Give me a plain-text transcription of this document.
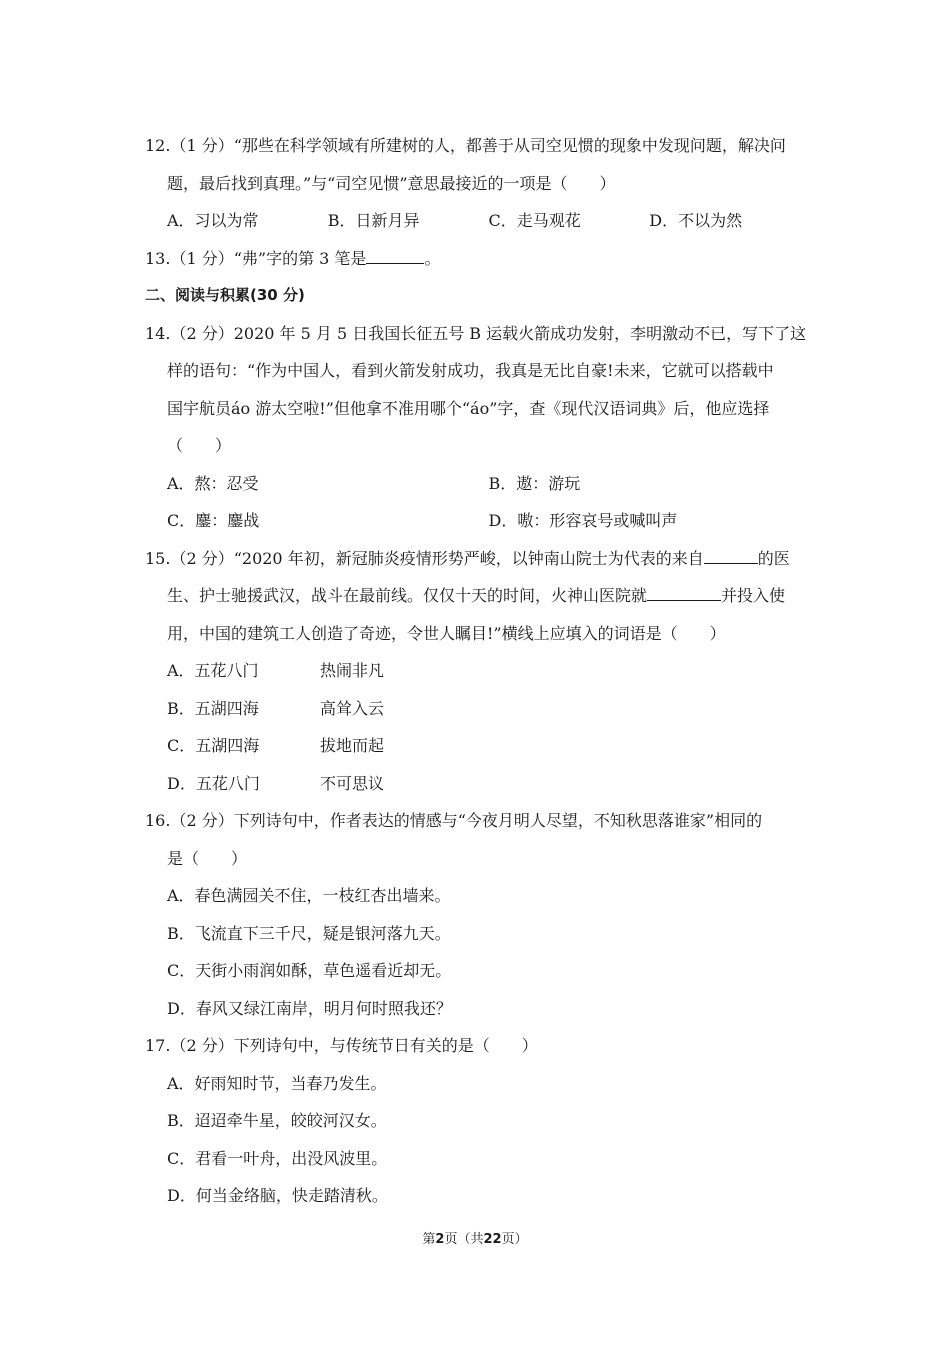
12.（1 分）“那些在科学领域有所建树的人，都善于从司空见惯的现象中发现问题，解决问
题，最后找到真理。”与“司空见惯”意思最接近的一项是（　　）
A．习以为常	B．日新月异	C．走马观花	D．不以为然
13.（1 分）“弗”字的第 3 笔是	。
二、阅读与积累(30 分)
14.（2 分）2020 年 5 月 5 日我国长征五号 B 运载火箭成功发射，李明激动不已，写下了这
样的语句：“作为中国人，看到火箭发射成功，我真是无比自豪!未来，它就可以搭载中
国宇航员áo 游太空啦!”但他拿不准用哪个“áo”字，查《现代汉语词典》后，他应选择
（　　）
A．熬：忍受	B．遨：游玩
C．鏖：鏖战	D．嗷：形容哀号或喊叫声
15.（2 分）“2020 年初，新冠肺炎疫情形势严峻，以钟南山院士为代表的来自	的医
生、护士驰援武汉，战斗在最前线。仅仅十天的时间，火神山医院就	并投入使
用，中国的建筑工人创造了奇迹，令世人瞩目!”横线上应填入的词语是（　　）
A．五花八门	热闹非凡
B．五湖四海	高耸入云
C．五湖四海	拔地而起
D．五花八门	不可思议
16.（2 分）下列诗句中，作者表达的情感与“今夜月明人尽望，不知秋思落谁家”相同的
是（　　）
A．春色满园关不住，一枝红杏出墙来。
B．飞流直下三千尺，疑是银河落九天。
C．天街小雨润如酥，草色遥看近却无。
D．春风又绿江南岸，明月何时照我还？
17.（2 分）下列诗句中，与传统节日有关的是（　　）
A．好雨知时节，当春乃发生。
B．迢迢牵牛星，皎皎河汉女。
C．君看一叶舟，出没风波里。
D．何当金络脑，快走踏清秋。
第2页（共22页）
